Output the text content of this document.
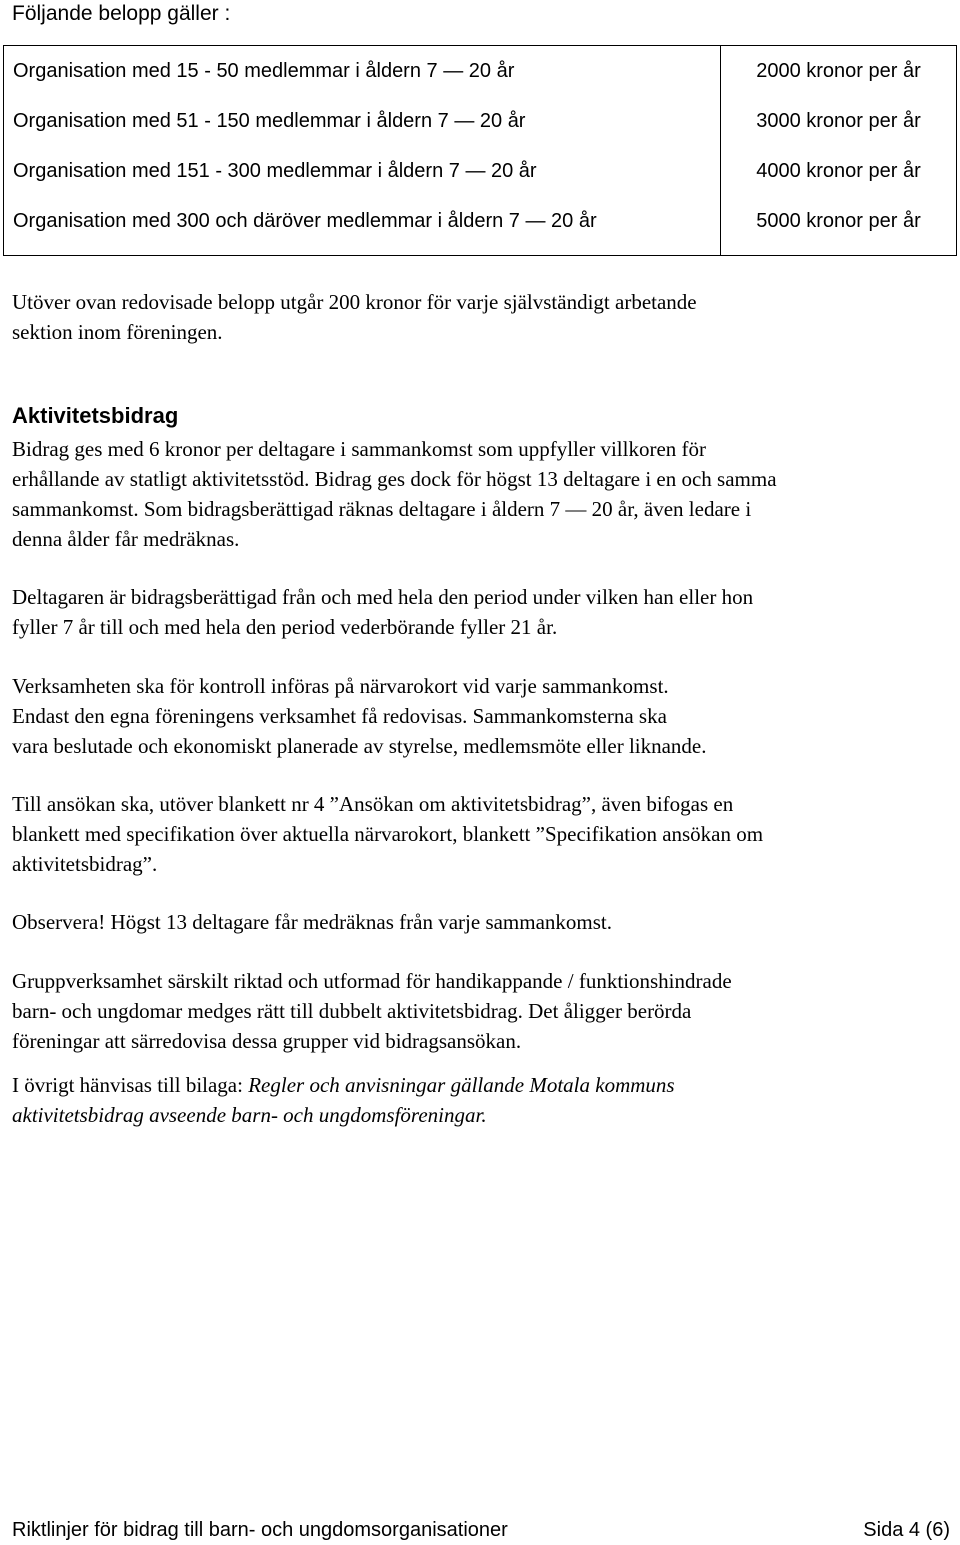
Följande belopp gäller :
Organisation med 15 - 50 medlemmar i åldern 7 — 20 år
Organisation med 51 - 150 medlemmar i åldern 7 — 20 år
Organisation med 151 - 300 medlemmar i åldern 7 — 20 år
Organisation med 300 och däröver medlemmar i åldern 7 — 20 år
2000 kronor per år
3000 kronor per år
4000 kronor per år
5000 kronor per år

Utöver ovan redovisade belopp utgår 200 kronor för varje självständigt arbetande
sektion inom föreningen.

Aktivitetsbidrag

Bidrag ges med 6 kronor per deltagare i sammankomst som uppfyller villkoren för
erhållande av statligt aktivitetsstöd. Bidrag ges dock för högst 13 deltagare i en och samma
sammankomst. Som bidragsberättigad räknas deltagare i åldern 7 — 20 år, även ledare i
denna ålder får medräknas.

Deltagaren är bidragsberättigad från och med hela den period under vilken han eller hon
fyller 7 år till och med hela den period vederbörande fyller 21 år.

Verksamheten ska för kontroll införas på närvarokort vid varje sammankomst.
Endast den egna föreningens verksamhet få redovisas. Sammankomsterna ska
vara beslutade och ekonomiskt planerade av styrelse, medlemsmöte eller liknande.

Till ansökan ska, utöver blankett nr 4 ”Ansökan om aktivitetsbidrag”, även bifogas en
blankett med specifikation över aktuella närvarokort, blankett ”Specifikation ansökan om
aktivitetsbidrag”.

Observera! Högst 13 deltagare får medräknas från varje sammankomst.

Gruppverksamhet särskilt riktad och utformad för handikappande / funktionshindrade
barn- och ungdomar medges rätt till dubbelt aktivitetsbidrag. Det åligger berörda
föreningar att särredovisa dessa grupper vid bidragsansökan.

I övrigt hänvisas till bilaga: Regler och anvisningar gällande Motala kommuns
aktivitetsbidrag avseende barn- och ungdomsföreningar.

Riktlinjer för bidrag till barn- och ungdomsorganisationer	Sida 4 (6)
